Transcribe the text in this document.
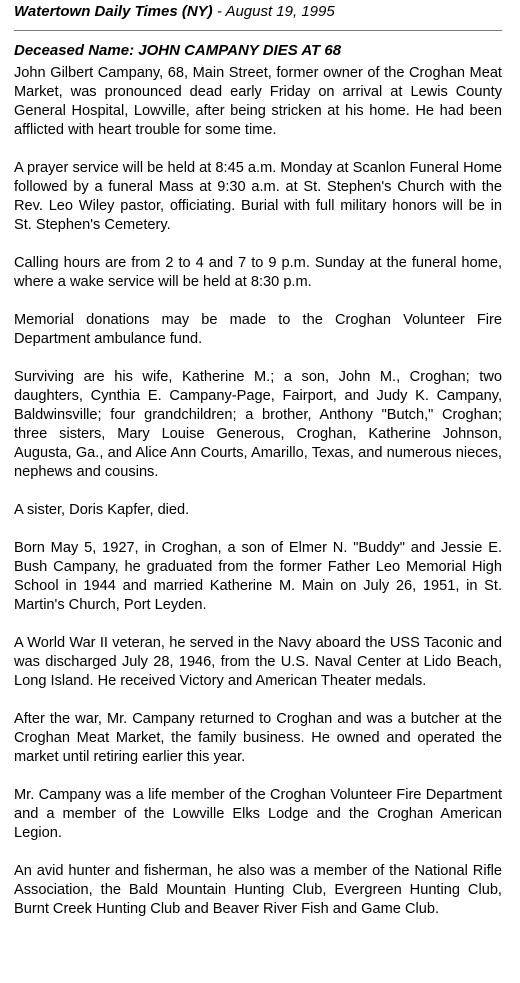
Watertown Daily Times (NY) - August 19, 1995
Deceased Name: JOHN CAMPANY DIES AT 68

John Gilbert Campany, 68, Main Street, former owner of the Croghan Meat Market, was pronounced dead early Friday on arrival at Lewis County General Hospital, Lowville, after being stricken at his home. He had been afflicted with heart trouble for some time.

A prayer service will be held at 8:45 a.m. Monday at Scanlon Funeral Home followed by a funeral Mass at 9:30 a.m. at St. Stephen's Church with the Rev. Leo Wiley pastor, officiating. Burial with full military honors will be in St. Stephen's Cemetery.

Calling hours are from 2 to 4 and 7 to 9 p.m. Sunday at the funeral home, where a wake service will be held at 8:30 p.m.

Memorial donations may be made to the Croghan Volunteer Fire Department ambulance fund.

Surviving are his wife, Katherine M.; a son, John M., Croghan; two daughters, Cynthia E. Campany-Page, Fairport, and Judy K. Campany, Baldwinsville; four grandchildren; a brother, Anthony "Butch," Croghan; three sisters, Mary Louise Generous, Croghan, Katherine Johnson, Augusta, Ga., and Alice Ann Courts, Amarillo, Texas, and numerous nieces, nephews and cousins.

A sister, Doris Kapfer, died.

Born May 5, 1927, in Croghan, a son of Elmer N. "Buddy" and Jessie E. Bush Campany, he graduated from the former Father Leo Memorial High School in 1944 and married Katherine M. Main on July 26, 1951, in St. Martin's Church, Port Leyden.

A World War II veteran, he served in the Navy aboard the USS Taconic and was discharged July 28, 1946, from the U.S. Naval Center at Lido Beach, Long Island. He received Victory and American Theater medals.

After the war, Mr. Campany returned to Croghan and was a butcher at the Croghan Meat Market, the family business. He owned and operated the market until retiring earlier this year.

Mr. Campany was a life member of the Croghan Volunteer Fire Department and a member of the Lowville Elks Lodge and the Croghan American Legion.

An avid hunter and fisherman, he also was a member of the National Rifle Association, the Bald Mountain Hunting Club, Evergreen Hunting Club, Burnt Creek Hunting Club and Beaver River Fish and Game Club.
